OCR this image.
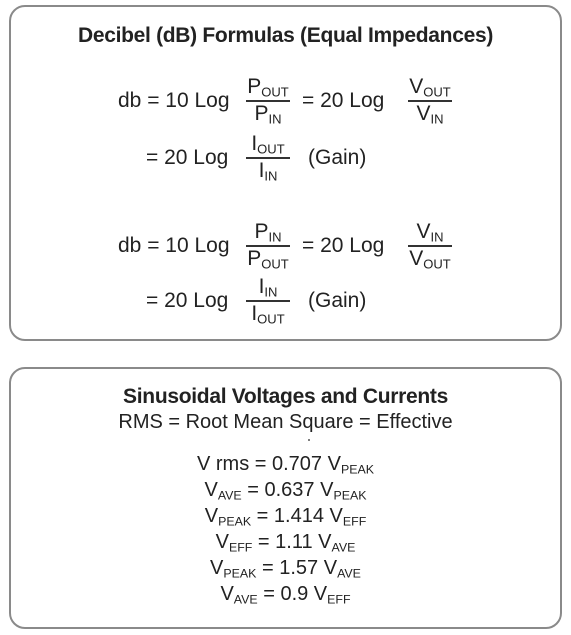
Decibel (dB) Formulas (Equal Impedances)
db = 10 Log
$P_{OUT}$
$P_{IN}$
= 20 Log
$V_{OUT}$
$V_{IN}$
= 20 Log
$I_{OUT}$
$I_{IN}$
(Gain)
db = 10 Log
$P_{IN}$
$P_{OUT}$
= 20 Log
$V_{IN}$
$V_{OUT}$
= 20 Log
$I_{IN}$
$I_{OUT}$
(Gain)
Sinusoidal Voltages and Currents
RMS = Root Mean Square = Effective
V rms = 0.707 $V_{PEAK}$
$V_{AVE} = 0.637$ $V_{PEAK}$
$V_{PEAK} = 1.414$ $V_{EFF}$
$V_{EFF} = 1.11$ $V_{AVE}$
$V_{PEAK} = 1.57$ $V_{AVE}$
$V_{AVE} = 0.9$ $V_{EFF}$
